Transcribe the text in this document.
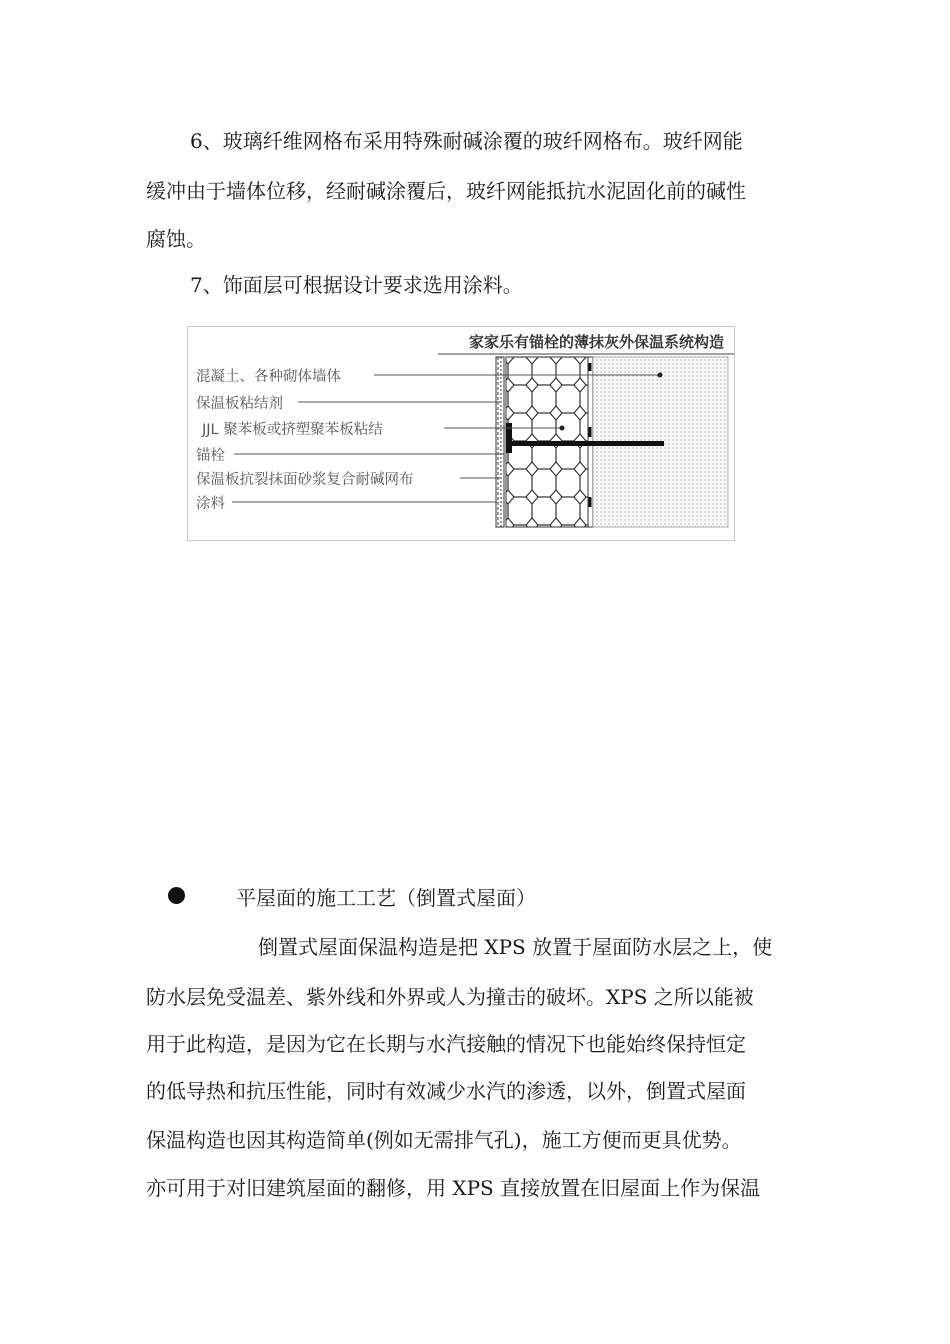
6、玻璃纤维网格布采用特殊耐碱涂覆的玻纤网格布。玻纤网能
缓冲由于墙体位移，经耐碱涂覆后，玻纤网能抵抗水泥固化前的碱性
腐蚀。
7、饰面层可根据设计要求选用涂料。
家家乐有锚栓的薄抹灰外保温系统构造
混凝土、各种砌体墙体
保温板粘结剂
JJL 聚苯板或挤塑聚苯板粘结
锚栓
保温板抗裂抹面砂浆复合耐碱网布
涂料
平屋面的施工工艺（倒置式屋面）
倒置式屋面保温构造是把 XPS 放置于屋面防水层之上，使
防水层免受温差、紫外线和外界或人为撞击的破坏。XPS 之所以能被
用于此构造，是因为它在长期与水汽接触的情况下也能始终保持恒定
的低导热和抗压性能，同时有效减少水汽的渗透，以外，倒置式屋面
保温构造也因其构造简单(例如无需排气孔)，施工方便而更具优势。
亦可用于对旧建筑屋面的翻修，用 XPS 直接放置在旧屋面上作为保温
